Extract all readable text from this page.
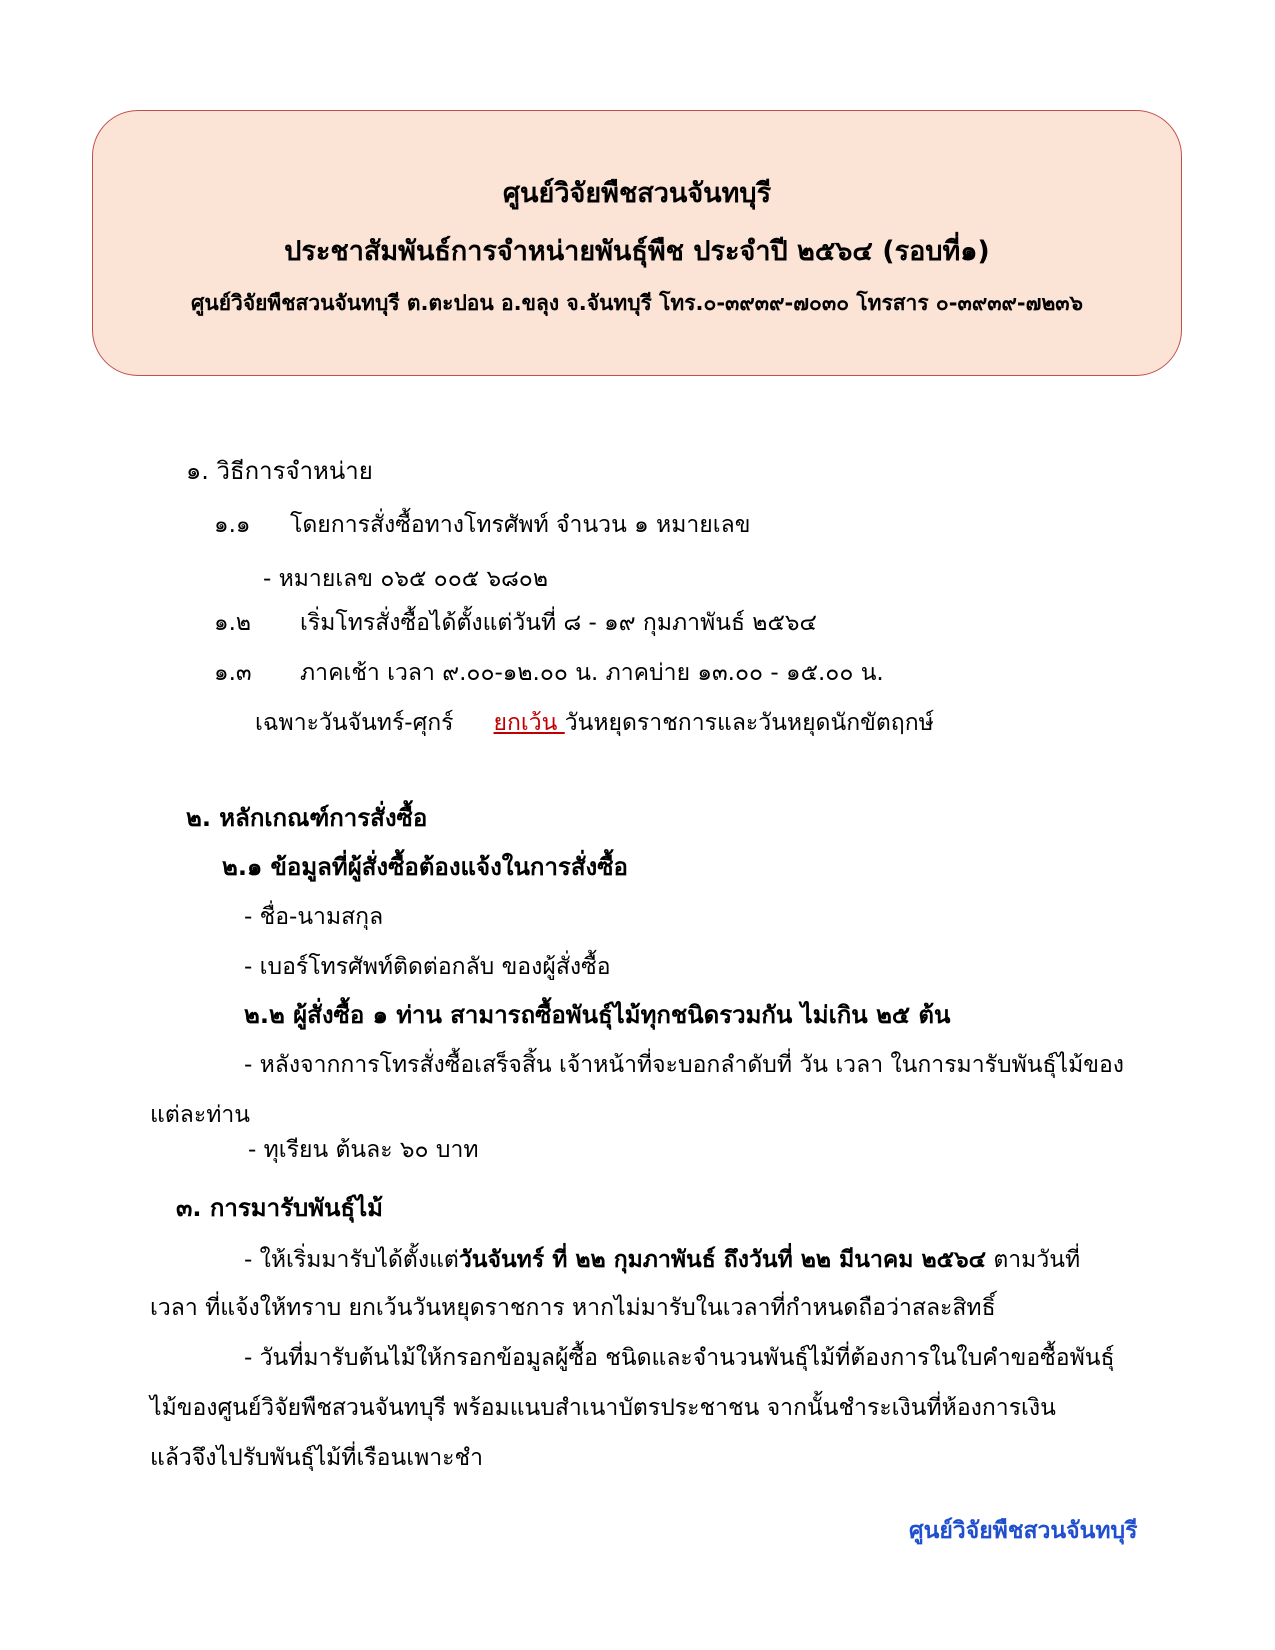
ศูนย์วิจัยพืชสวนจันทบุรี
ประชาสัมพันธ์การจำหน่ายพันธุ์พืช ประจำปี ๒๕๖๔ (รอบที่๑)
ศูนย์วิจัยพืชสวนจันทบุรี ต.ตะปอน อ.ขลุง จ.จันทบุรี โทร.๐-๓๙๓๙-๗๐๓๐ โทรสาร ๐-๓๙๓๙-๗๒๓๖
๑. วิธีการจำหน่าย
๑.๑ โดยการสั่งซื้อทางโทรศัพท์ จำนวน ๑ หมายเลข
- หมายเลข ๐๖๕ ๐๐๕ ๖๘๐๒
๑.๒ เริ่มโทรสั่งซื้อได้ตั้งแต่วันที่ ๘ - ๑๙ กุมภาพันธ์ ๒๕๖๔
๑.๓ ภาคเช้า เวลา ๙.๐๐-๑๒.๐๐ น. ภาคบ่าย ๑๓.๐๐ - ๑๕.๐๐ น.
เฉพาะวันจันทร์-ศุกร์ ยกเว้น วันหยุดราชการและวันหยุดนักขัตฤกษ์
๒. หลักเกณฑ์การสั่งซื้อ
๒.๑ ข้อมูลที่ผู้สั่งซื้อต้องแจ้งในการสั่งซื้อ
- ชื่อ-นามสกุล
- เบอร์โทรศัพท์ติดต่อกลับ ของผู้สั่งซื้อ
๒.๒ ผู้สั่งซื้อ ๑ ท่าน สามารถซื้อพันธุ์ไม้ทุกชนิดรวมกัน ไม่เกิน ๒๕ ต้น
- หลังจากการโทรสั่งซื้อเสร็จสิ้น เจ้าหน้าที่จะบอกลำดับที่ วัน เวลา ในการมารับพันธุ์ไม้ของ
แต่ละท่าน
- ทุเรียน ต้นละ ๖๐ บาท
๓. การมารับพันธุ์ไม้
- ให้เริ่มมารับได้ตั้งแต่วันจันทร์ ที่ ๒๒ กุมภาพันธ์ ถึงวันที่ ๒๒ มีนาคม ๒๕๖๔ ตามวันที่
เวลา ที่แจ้งให้ทราบ ยกเว้นวันหยุดราชการ หากไม่มารับในเวลาที่กำหนดถือว่าสละสิทธิ์
- วันที่มารับต้นไม้ให้กรอกข้อมูลผู้ซื้อ ชนิดและจำนวนพันธุ์ไม้ที่ต้องการในใบคำขอซื้อพันธุ์
ไม้ของศูนย์วิจัยพืชสวนจันทบุรี พร้อมแนบสำเนาบัตรประชาชน จากนั้นชำระเงินที่ห้องการเงิน
แล้วจึงไปรับพันธุ์ไม้ที่เรือนเพาะชำ
ศูนย์วิจัยพืชสวนจันทบุรี
